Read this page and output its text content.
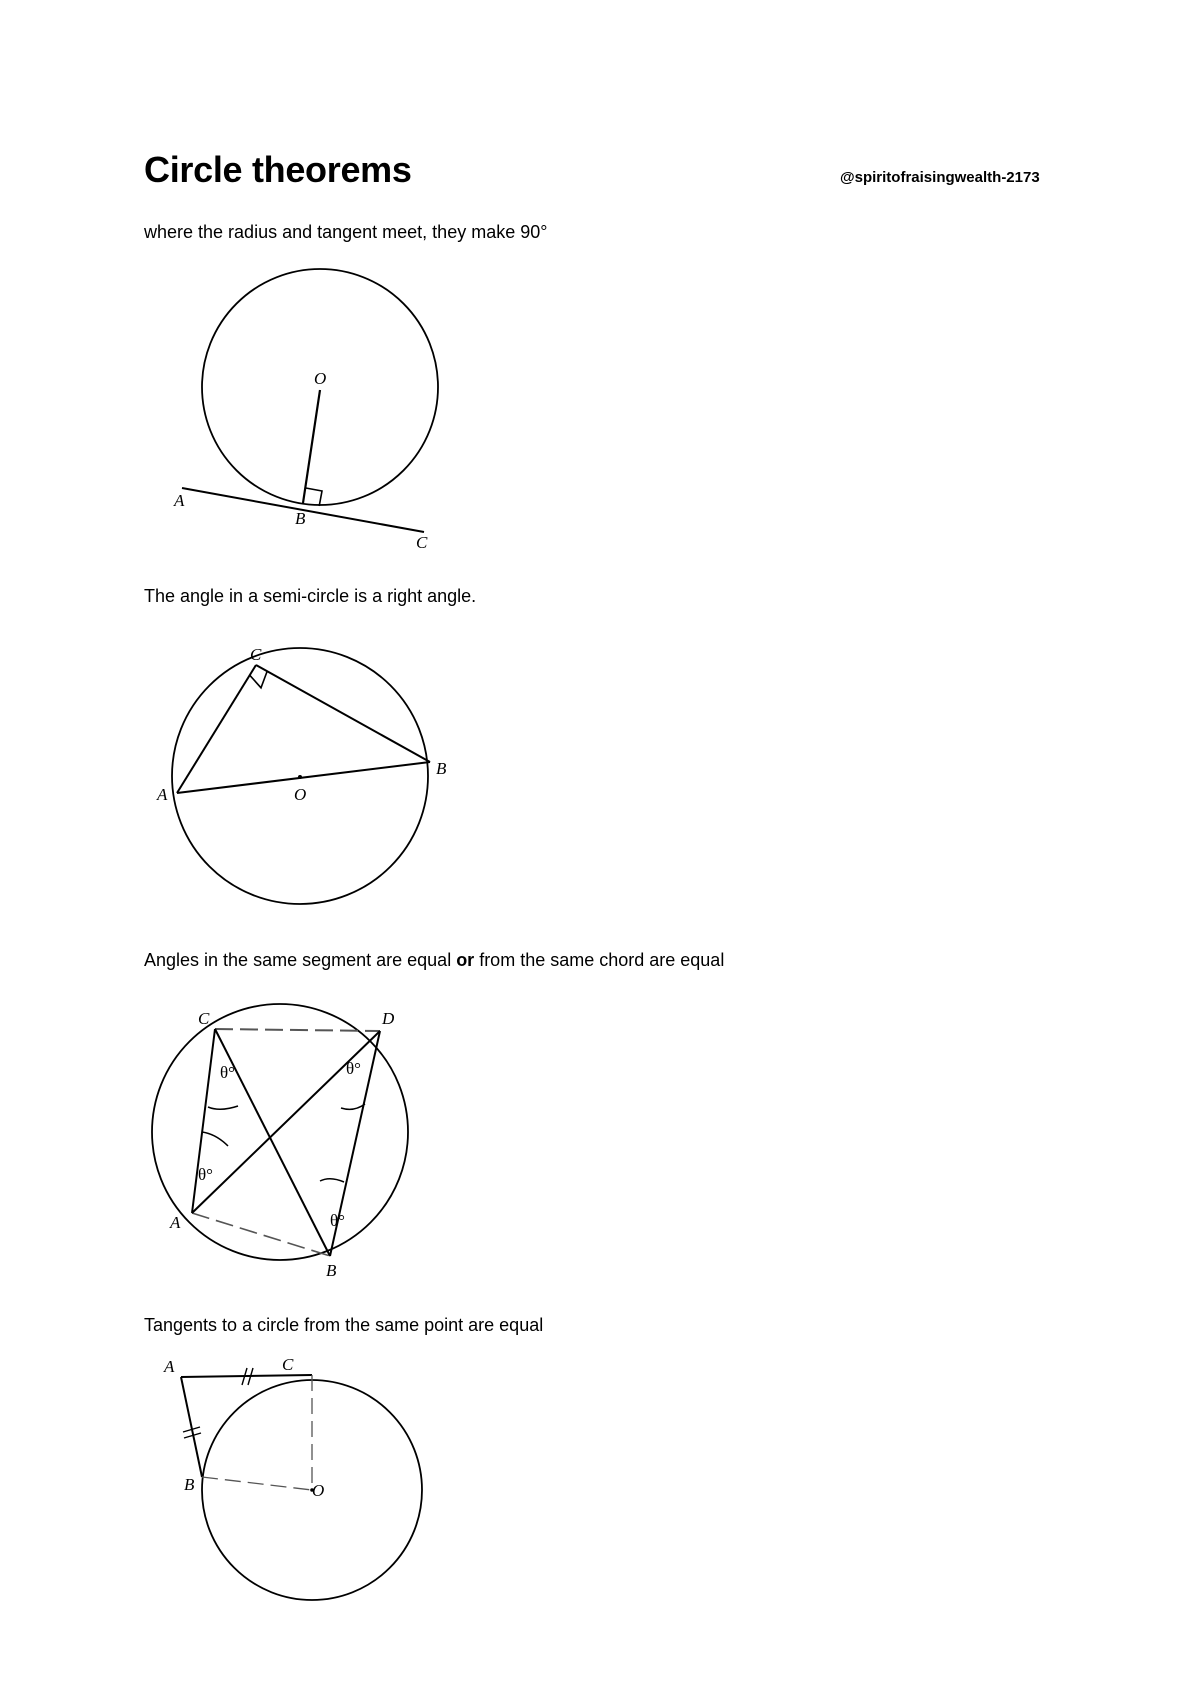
Circle theorems	@spiritofraisingwealth-2173
where the radius and tangent meet, they make 90°
O
A
B
C
The angle in a semi-circle is a right angle.
C
B
A	O
Angles in the same segment are equal or from the same chord are equal
C	D
A
B
θ°	θ°
θ°
θ°
Tangents to a circle from the same point are equal
A	C
B	O
